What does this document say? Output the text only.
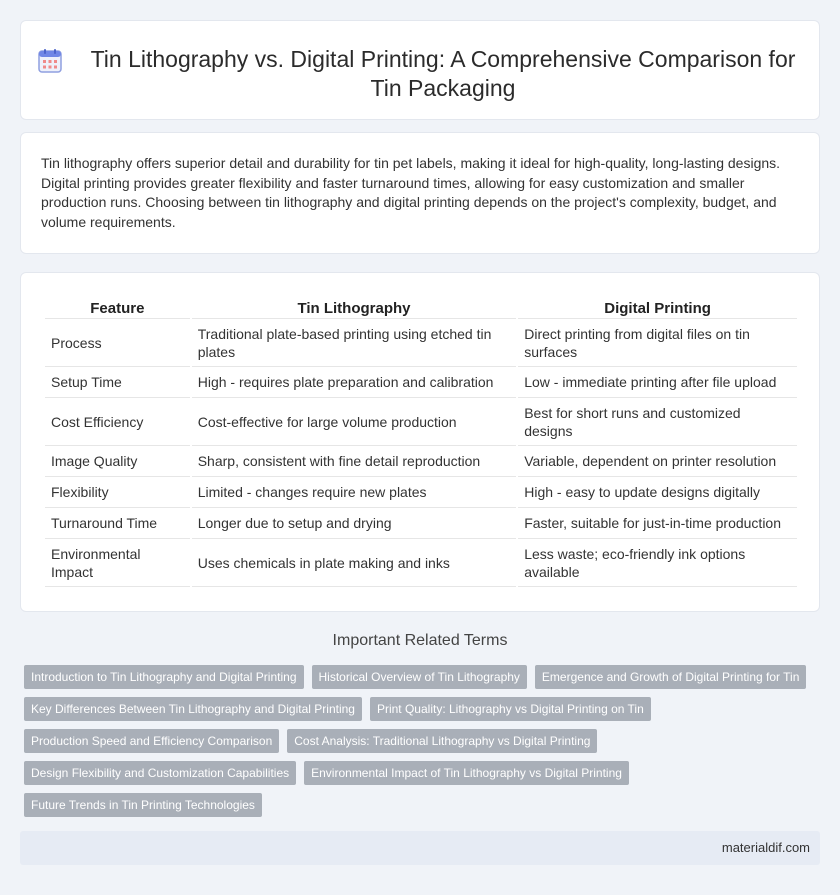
Tin Lithography vs. Digital Printing: A Comprehensive Comparison for Tin Packaging

Tin lithography offers superior detail and durability for tin pet labels, making it ideal for high-quality, long-lasting designs. Digital printing provides greater flexibility and faster turnaround times, allowing for easy customization and smaller production runs. Choosing between tin lithography and digital printing depends on the project's complexity, budget, and volume requirements.

Feature	Tin Lithography	Digital Printing
Process	Traditional plate-based printing using etched tin plates	Direct printing from digital files on tin surfaces
Setup Time	High - requires plate preparation and calibration	Low - immediate printing after file upload
Cost Efficiency	Cost-effective for large volume production	Best for short runs and customized designs
Image Quality	Sharp, consistent with fine detail reproduction	Variable, dependent on printer resolution
Flexibility	Limited - changes require new plates	High - easy to update designs digitally
Turnaround Time	Longer due to setup and drying	Faster, suitable for just-in-time production
Environmental Impact	Uses chemicals in plate making and inks	Less waste; eco-friendly ink options available
Important Related Terms
Introduction to Tin Lithography and Digital Printing	Historical Overview of Tin Lithography	Emergence and Growth of Digital Printing for Tin
Key Differences Between Tin Lithography and Digital Printing	Print Quality: Lithography vs Digital Printing on Tin
Production Speed and Efficiency Comparison	Cost Analysis: Traditional Lithography vs Digital Printing
Design Flexibility and Customization Capabilities	Environmental Impact of Tin Lithography vs Digital Printing
Future Trends in Tin Printing Technologies
materialdif.com
